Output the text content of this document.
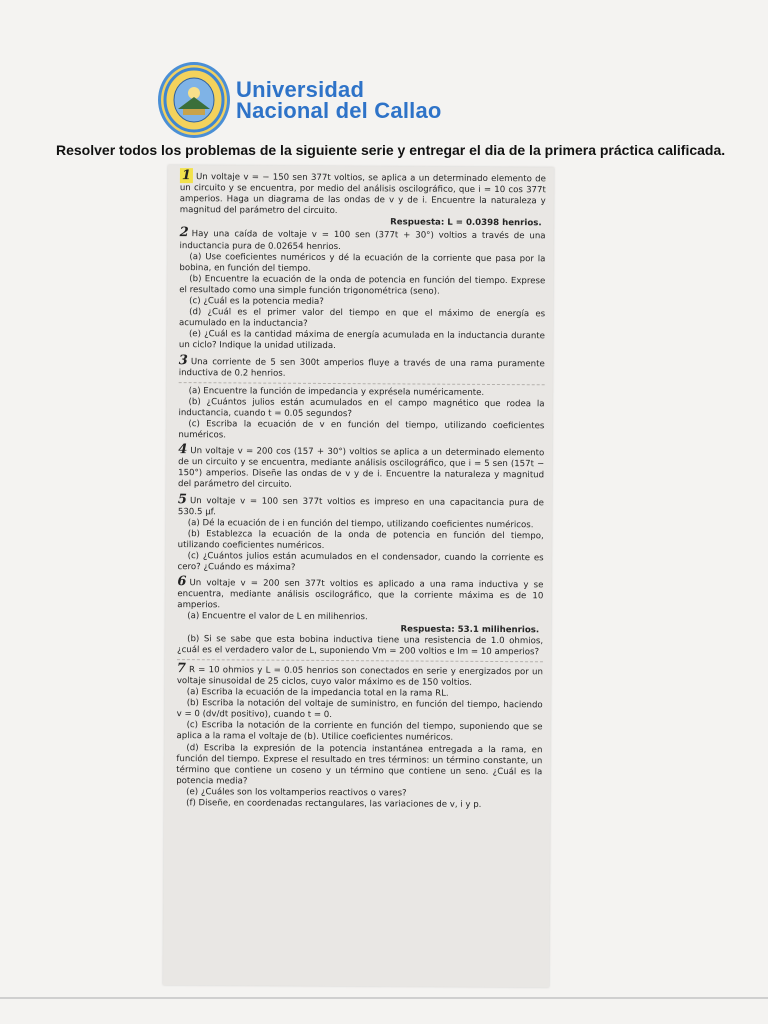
Universidad
Nacional del Callao
Resolver todos los problemas de la siguiente serie y entregar el dia de la primera práctica calificada.

1 Un voltaje v = − 150 sen 377t voltios, se aplica a un determinado elemento de un circuito y se encuentra, por medio del análisis oscilográfico, que i = 10 cos 377t amperios. Haga un diagrama de las ondas de v y de i. Encuentre la naturaleza y magnitud del parámetro del circuito.

Respuesta: L = 0.0398 henrios.

2 Hay una caída de voltaje v = 100 sen (377t + 30°) voltios a través de una inductancia pura de 0.02654 henrios.

(a) Use coeficientes numéricos y dé la ecuación de la corriente que pasa por la bobina, en función del tiempo.

(b) Encuentre la ecuación de la onda de potencia en función del tiempo. Exprese el resultado como una simple función trigonométrica (seno).

(c) ¿Cuál es la potencia media?

(d) ¿Cuál es el primer valor del tiempo en que el máximo de energía es acumulado en la inductancia?

(e) ¿Cuál es la cantidad máxima de energía acumulada en la inductancia durante un ciclo? Indique la unidad utilizada.

3 Una corriente de 5 sen 300t amperios fluye a través de una rama puramente inductiva de 0.2 henrios.

(a) Encuentre la función de impedancia y exprésela numéricamente.

(b) ¿Cuántos julios están acumulados en el campo magnético que rodea la inductancia, cuando t = 0.05 segundos?

(c) Escriba la ecuación de v en función del tiempo, utilizando coeficientes numéricos.

4 Un voltaje v = 200 cos (157 + 30°) voltios se aplica a un determinado elemento de un circuito y se encuentra, mediante análisis oscilográfico, que i = 5 sen (157t − 150°) amperios. Diseñe las ondas de v y de i. Encuentre la naturaleza y magnitud del parámetro del circuito.

5 Un voltaje v = 100 sen 377t voltios es impreso en una capacitancia pura de 530.5 μf.

(a) Dé la ecuación de i en función del tiempo, utilizando coeficientes numéricos.

(b) Establezca la ecuación de la onda de potencia en función del tiempo, utilizando coeficientes numéricos.

(c) ¿Cuántos julios están acumulados en el condensador, cuando la corriente es cero? ¿Cuándo es máxima?

6 Un voltaje v = 200 sen 377t voltios es aplicado a una rama inductiva y se encuentra, mediante análisis oscilográfico, que la corriente máxima es de 10 amperios.

(a) Encuentre el valor de L en milihenrios.

Respuesta: 53.1 milihenrios.

(b) Si se sabe que esta bobina inductiva tiene una resistencia de 1.0 ohmios, ¿cuál es el verdadero valor de L, suponiendo Vm = 200 voltios e Im = 10 amperios?

7 R = 10 ohmios y L = 0.05 henrios son conectados en serie y energizados por un voltaje sinusoidal de 25 ciclos, cuyo valor máximo es de 150 voltios.

(a) Escriba la ecuación de la impedancia total en la rama RL.

(b) Escriba la notación del voltaje de suministro, en función del tiempo, haciendo v = 0 (dv/dt positivo), cuando t = 0.

(c) Escriba la notación de la corriente en función del tiempo, suponiendo que se aplica a la rama el voltaje de (b). Utilice coeficientes numéricos.

(d) Escriba la expresión de la potencia instantánea entregada a la rama, en función del tiempo. Exprese el resultado en tres términos: un término constante, un término que contiene un coseno y un término que contiene un seno. ¿Cuál es la potencia media?

(e) ¿Cuáles son los voltamperios reactivos o vares?

(f) Diseñe, en coordenadas rectangulares, las variaciones de v, i y p.
